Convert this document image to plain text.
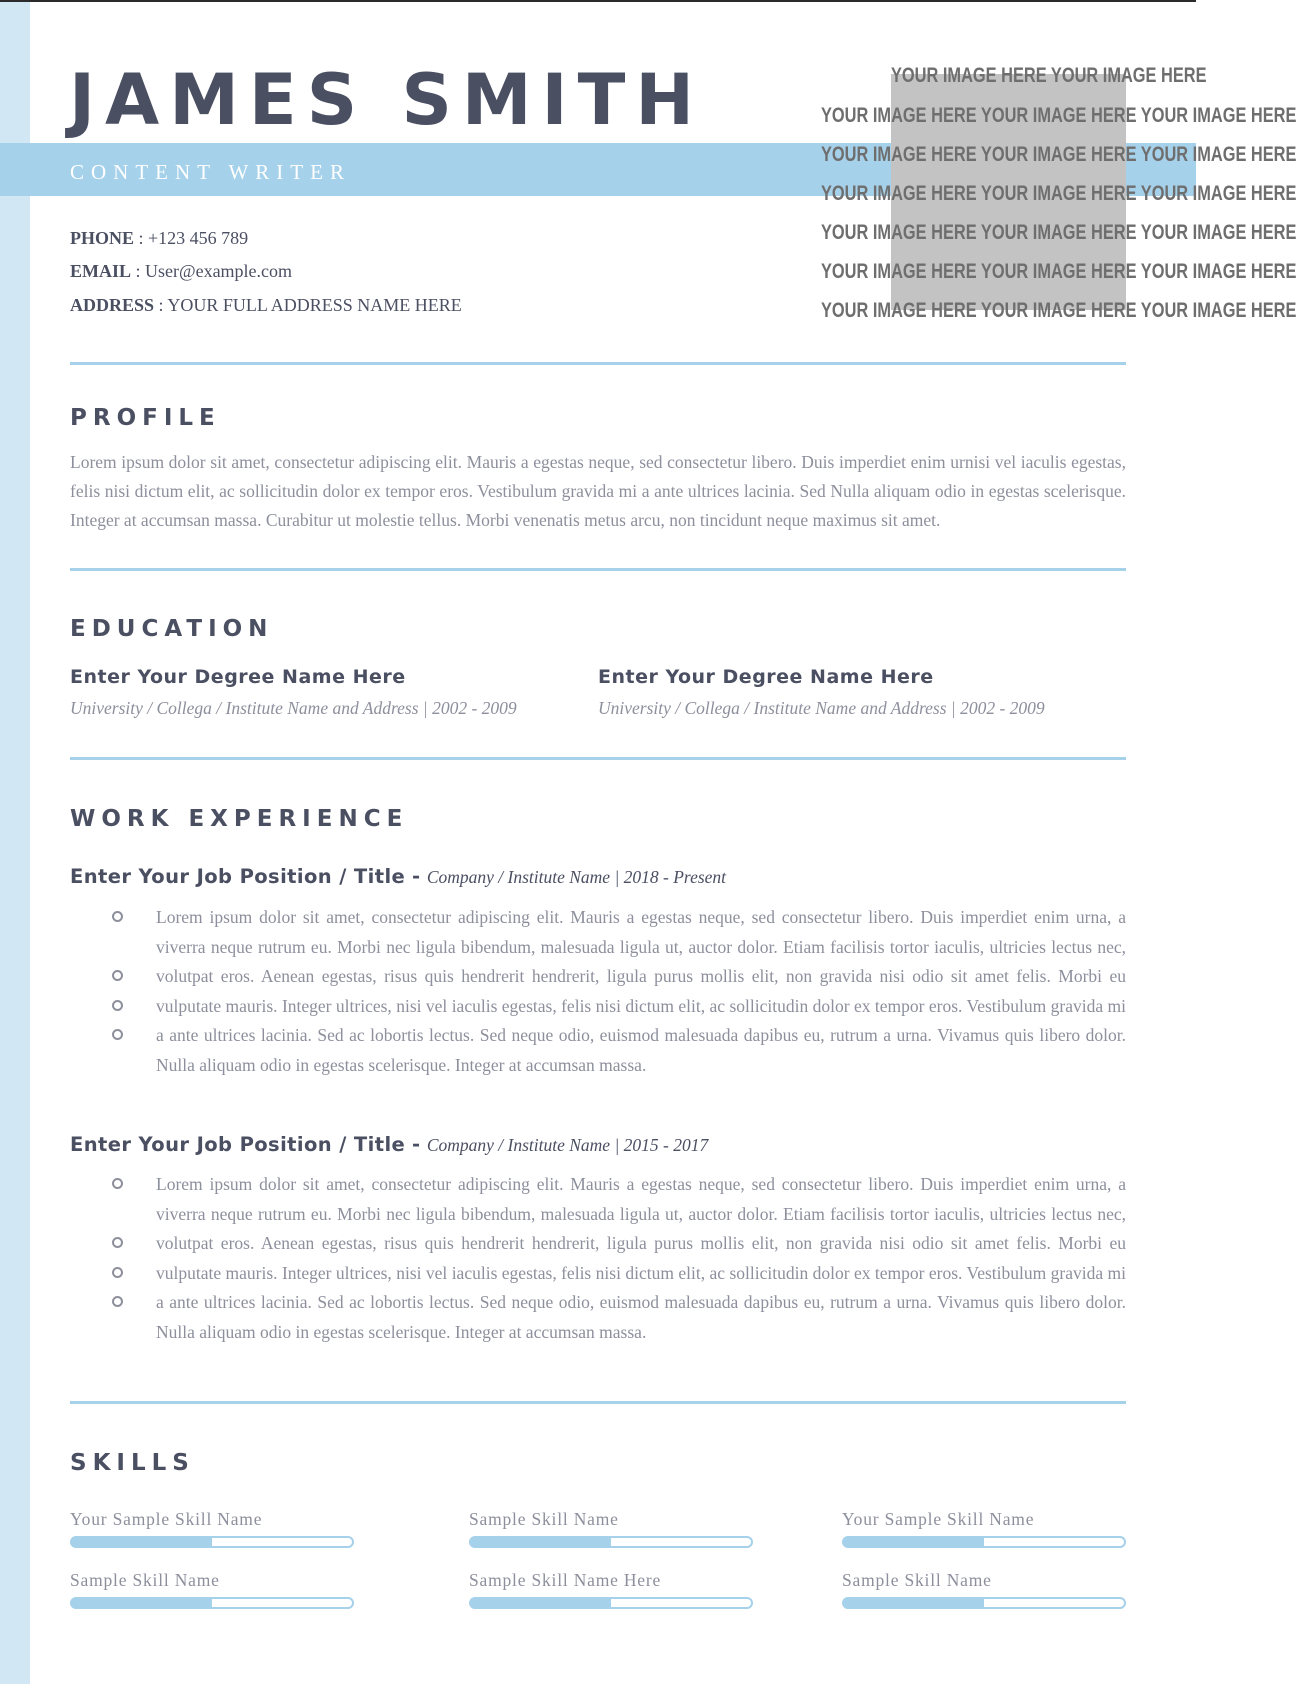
JAMES SMITH
CONTENT WRITER
YOUR IMAGE HERE YOUR IMAGE HERE
YOUR IMAGE HERE YOUR IMAGE HERE YOUR IMAGE HERE
YOUR IMAGE HERE YOUR IMAGE HERE YOUR IMAGE HERE
YOUR IMAGE HERE YOUR IMAGE HERE YOUR IMAGE HERE
YOUR IMAGE HERE YOUR IMAGE HERE YOUR IMAGE HERE
YOUR IMAGE HERE YOUR IMAGE HERE YOUR IMAGE HERE
YOUR IMAGE HERE YOUR IMAGE HERE YOUR IMAGE HERE
PHONE : +123 456 789
EMAIL : User@example.com
ADDRESS : YOUR FULL ADDRESS NAME HERE
PROFILE
Lorem ipsum dolor sit amet, consectetur adipiscing elit. Mauris a egestas neque, sed consectetur libero. Duis imperdiet enim urnisi vel iaculis egestas, felis nisi dictum elit, ac sollicitudin dolor ex tempor eros. Vestibulum gravida mi a ante ultrices lacinia. Sed Nulla aliquam odio in egestas scelerisque. Integer at accumsan massa. Curabitur ut molestie tellus. Morbi venenatis metus arcu, non tincidunt neque maximus sit amet.
EDUCATION
Enter Your Degree Name Here
University / Collega / Institute Name and Address | 2002 - 2009
Enter Your Degree Name Here
University / Collega / Institute Name and Address | 2002 - 2009
WORK EXPERIENCE
Enter Your Job Position / Title - Company / Institute Name | 2018 - Present
Lorem ipsum dolor sit amet, consectetur adipiscing elit. Mauris a egestas neque, sed consectetur libero. Duis imperdiet enim urna, a viverra neque rutrum eu. Morbi nec ligula bibendum, malesuada ligula ut, auctor dolor. Etiam facilisis tortor iaculis, ultricies lectus nec, volutpat eros. Aenean egestas, risus quis hendrerit hendrerit, ligula purus mollis elit, non gravida nisi odio sit amet felis. Morbi eu vulputate mauris. Integer ultrices, nisi vel iaculis egestas, felis nisi dictum elit, ac sollicitudin dolor ex tempor eros. Vestibulum gravida mi a ante ultrices lacinia. Sed ac lobortis lectus. Sed neque odio, euismod malesuada dapibus eu, rutrum a urna. Vivamus quis libero dolor. Nulla aliquam odio in egestas scelerisque. Integer at accumsan massa.
Enter Your Job Position / Title - Company / Institute Name | 2015 - 2017
Lorem ipsum dolor sit amet, consectetur adipiscing elit. Mauris a egestas neque, sed consectetur libero. Duis imperdiet enim urna, a viverra neque rutrum eu. Morbi nec ligula bibendum, malesuada ligula ut, auctor dolor. Etiam facilisis tortor iaculis, ultricies lectus nec, volutpat eros. Aenean egestas, risus quis hendrerit hendrerit, ligula purus mollis elit, non gravida nisi odio sit amet felis. Morbi eu vulputate mauris. Integer ultrices, nisi vel iaculis egestas, felis nisi dictum elit, ac sollicitudin dolor ex tempor eros. Vestibulum gravida mi a ante ultrices lacinia. Sed ac lobortis lectus. Sed neque odio, euismod malesuada dapibus eu, rutrum a urna. Vivamus quis libero dolor. Nulla aliquam odio in egestas scelerisque. Integer at accumsan massa.
SKILLS
Your Sample Skill Name	Sample Skill Name	Your Sample Skill Name
Sample Skill Name	Sample Skill Name Here	Sample Skill Name
